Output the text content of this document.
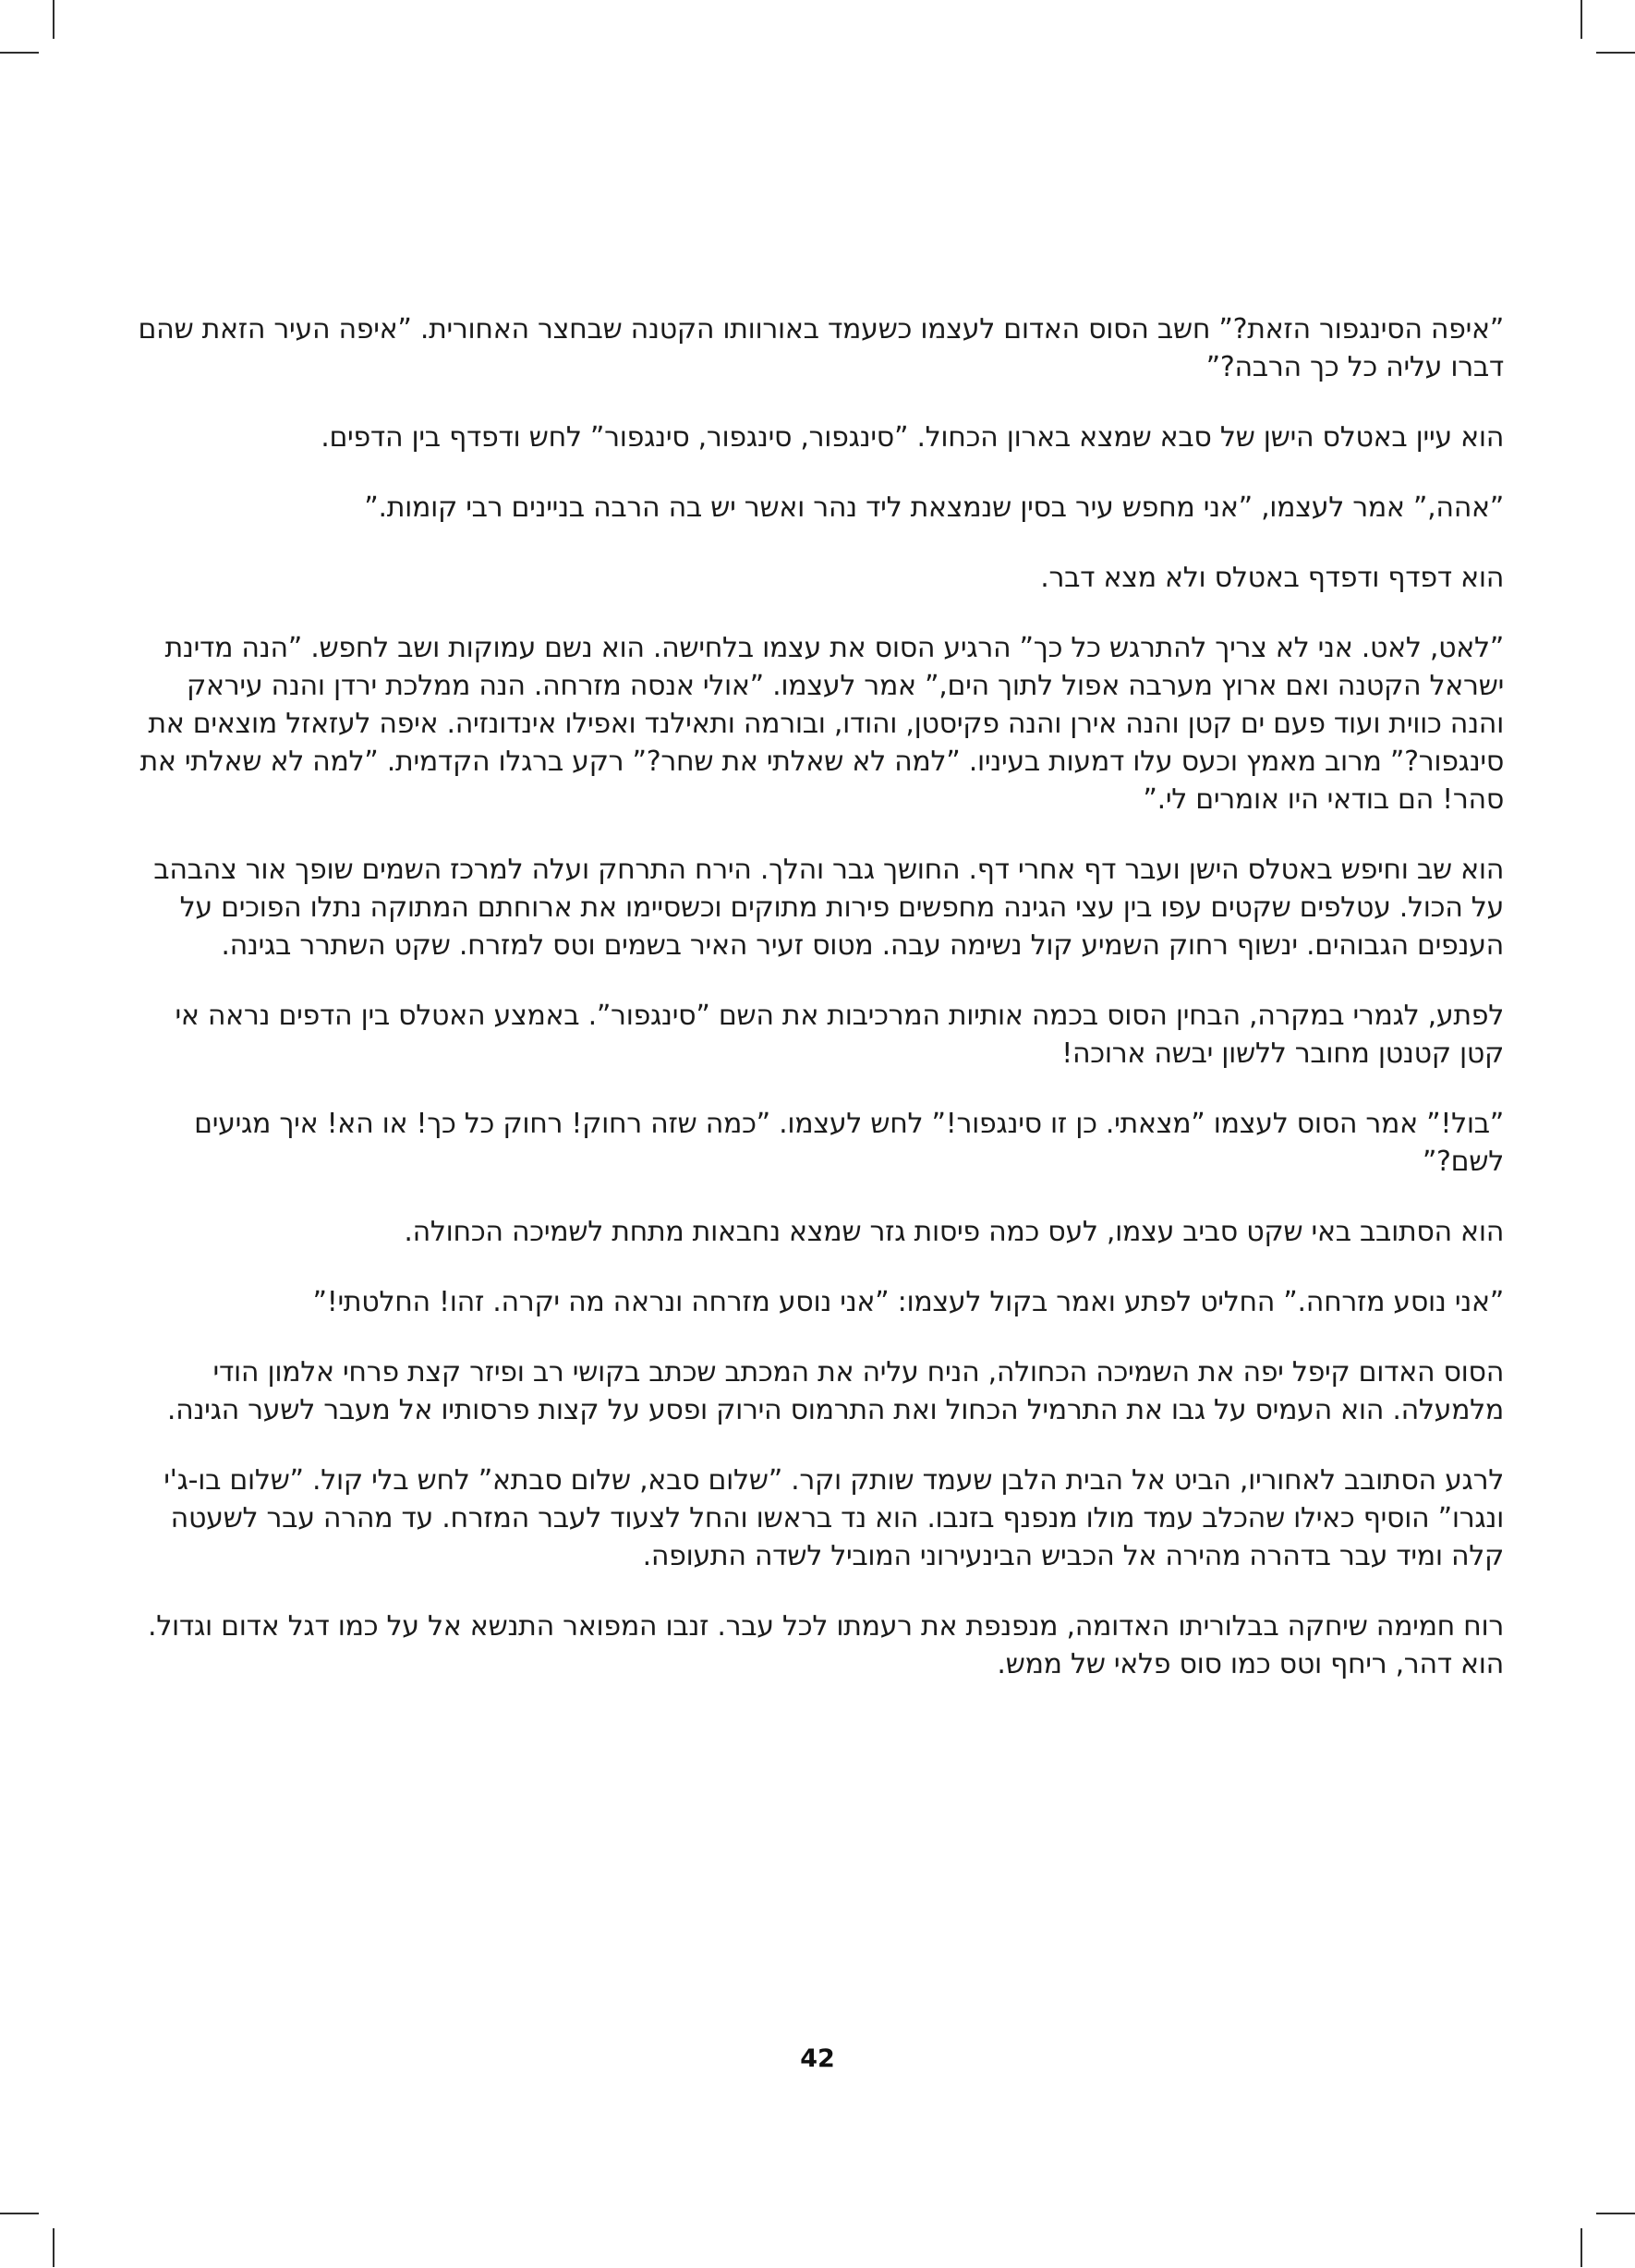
”איפה הסינגפור הזאת?” חשב הסוס האדום לעצמו כשעמד באורוותו הקטנה שבחצר האחורית. ”איפה העיר הזאת שהם דברו עליה כל כך הרבה?”

הוא עיין באטלס הישן של סבא שמצא בארון הכחול. ”סינגפור, סינגפור, סינגפור” לחש ודפדף בין הדפים.

”אהה,” אמר לעצמו, ”אני מחפש עיר בסין שנמצאת ליד נהר ואשר יש בה הרבה בניינים רבי קומות.”

הוא דפדף ודפדף באטלס ולא מצא דבר.

”לאט, לאט. אני לא צריך להתרגש כל כך” הרגיע הסוס את עצמו בלחישה. הוא נשם עמוקות ושב לחפש. ”הנה מדינת ישראל הקטנה ואם ארוץ מערבה אפול לתוך הים,” אמר לעצמו. ”אולי אנסה מזרחה. הנה ממלכת ירדן והנה עיראק והנה כווית ועוד פעם ים קטן והנה אירן והנה פקיסטן, והודו, ובורמה ותאילנד ואפילו אינדונזיה. איפה לעזאזל מוצאים את סינגפור?” מרוב מאמץ וכעס עלו דמעות בעיניו. ”למה לא שאלתי את שחר?” רקע ברגלו הקדמית. ”למה לא שאלתי את סהר! הם בודאי היו אומרים לי.”

הוא שב וחיפש באטלס הישן ועבר דף אחרי דף. החושך גבר והלך. הירח התרחק ועלה למרכז השמים שופך אור צהבהב על הכול. עטלפים שקטים עפו בין עצי הגינה מחפשים פירות מתוקים וכשסיימו את ארוחתם המתוקה נתלו הפוכים על הענפים הגבוהים. ינשוף רחוק השמיע קול נשימה עבה. מטוס זעיר האיר בשמים וטס למזרח. שקט השתרר בגינה.

לפתע, לגמרי במקרה, הבחין הסוס בכמה אותיות המרכיבות את השם ”סינגפור”. באמצע האטלס בין הדפים נראה אי קטן קטנטן מחובר ללשון יבשה ארוכה!

”בול!” אמר הסוס לעצמו ”מצאתי. כן זו סינגפור!” לחש לעצמו. ”כמה שזה רחוק! רחוק כל כך! או הא! איך מגיעים לשם?”

הוא הסתובב באי שקט סביב עצמו, לעס כמה פיסות גזר שמצא נחבאות מתחת לשמיכה הכחולה.

”אני נוסע מזרחה.” החליט לפתע ואמר בקול לעצמו: ”אני נוסע מזרחה ונראה מה יקרה. זהו! החלטתי!”

הסוס האדום קיפל יפה את השמיכה הכחולה, הניח עליה את המכתב שכתב בקושי רב ופיזר קצת פרחי אלמון הודי מלמעלה. הוא העמיס על גבו את התרמיל הכחול ואת התרמוס הירוק ופסע על קצות פרסותיו אל מעבר לשער הגינה.

לרגע הסתובב לאחוריו, הביט אל הבית הלבן שעמד שותק וקר. ”שלום סבא, שלום סבתא” לחש בלי קול. ”שלום בו-ג'י ונגרו” הוסיף כאילו שהכלב עמד מולו מנפנף בזנבו. הוא נד בראשו והחל לצעוד לעבר המזרח. עד מהרה עבר לשעטה קלה ומיד עבר בדהרה מהירה אל הכביש הבינעירוני המוביל לשדה התעופה.

רוח חמימה שיחקה בבלוריתו האדומה, מנפנפת את רעמתו לכל עבר. זנבו המפואר התנשא אל על כמו דגל אדום וגדול. הוא דהר, ריחף וטס כמו סוס פלאי של ממש.

42
